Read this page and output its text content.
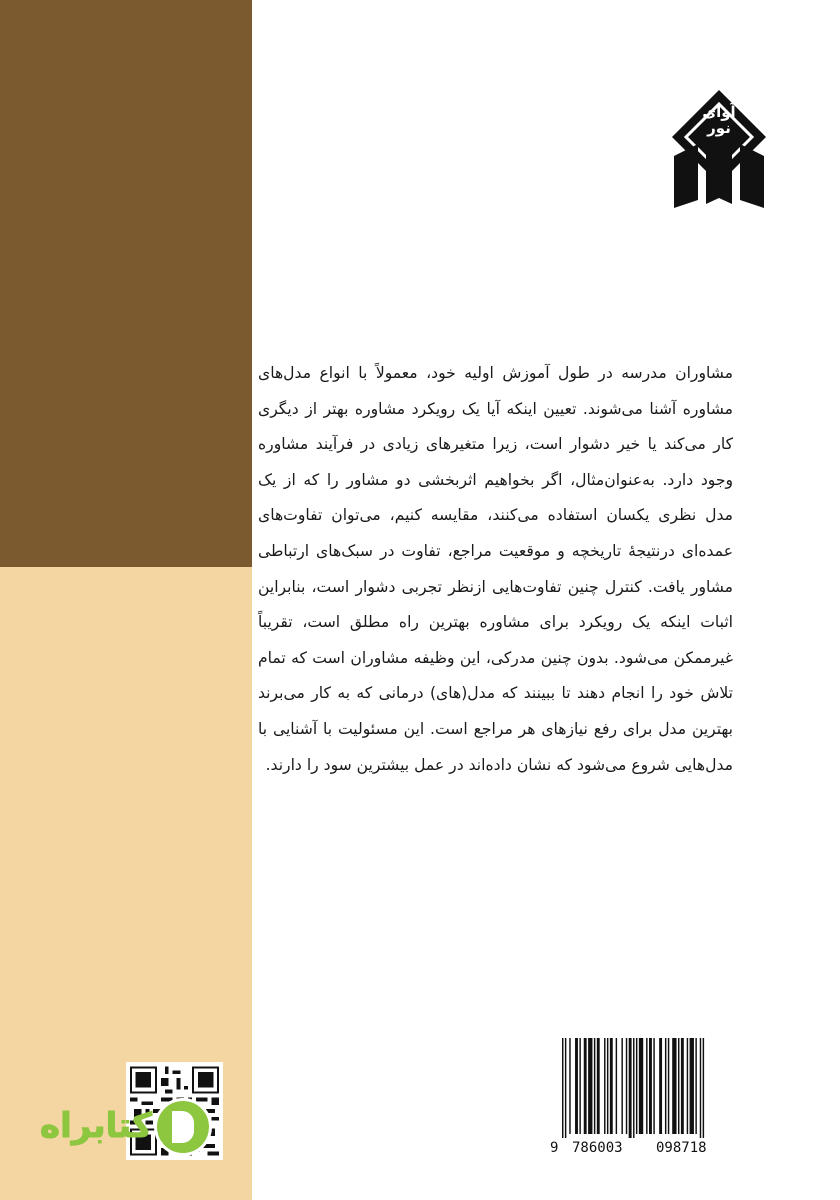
آوای
نور

مشاوران مدرسه در طول آموزش اولیه خود، معمولاً با انواع مدل‌های مشاوره آشنا می‌شوند. تعیین اینکه آیا یک رویکرد مشاوره بهتر از دیگری کار می‌کند یا خیر دشوار است، زیرا متغیرهای زیادی در فرآیند مشاوره وجود دارد. به‌عنوان‌مثال، اگر بخواهیم اثربخشی دو مشاور را که از یک مدل نظری یکسان استفاده می‌کنند، مقایسه کنیم، می‌توان تفاوت‌های عمده‌ای درنتیجهٔ تاریخچه و موقعیت مراجع، تفاوت در سبک‌های ارتباطی مشاور یافت. کنترل چنین تفاوت‌هایی ازنظر تجربی دشوار است، بنابراین اثبات اینکه یک رویکرد برای مشاوره بهترین راه مطلق است، تقریباً غیرممکن می‌شود. بدون چنین مدرکی، این وظیفه مشاوران است که تمام تلاش خود را انجام دهند تا ببینند که مدل(های) درمانی که به کار می‌برند بهترین مدل برای رفع نیازهای هر مراجع است. این مسئولیت با آشنایی با مدل‌هایی شروع می‌شود که نشان داده‌اند در عمل بیشترین سود را دارند.

کتابراه
9 786003 098718
